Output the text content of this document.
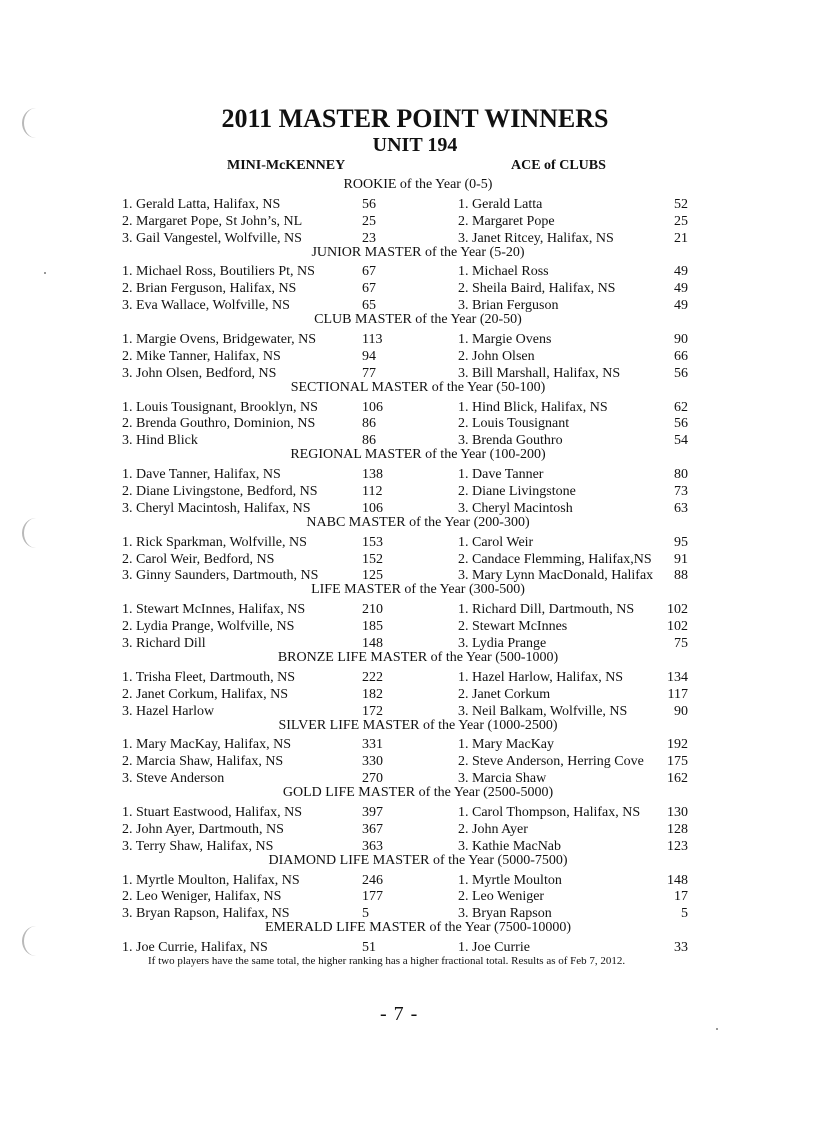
2011 MASTER POINT WINNERS
UNIT 194
MINI-McKENNEY	ACE of CLUBS
ROOKIE of the Year (0-5)
1. Gerald Latta, Halifax, NS	56	1. Gerald Latta	52
2. Margaret Pope, St John’s, NL	25	2. Margaret Pope	25
3. Gail Vangestel, Wolfville, NS	23	3. Janet Ritcey, Halifax, NS	21
JUNIOR MASTER of the Year (5-20)
1. Michael Ross, Boutiliers Pt, NS	67	1. Michael Ross	49
2. Brian Ferguson, Halifax, NS	67	2. Sheila Baird, Halifax, NS	49
3. Eva Wallace, Wolfville, NS	65	3. Brian Ferguson	49
CLUB MASTER of the Year (20-50)
1. Margie Ovens, Bridgewater, NS	113	1. Margie Ovens	90
2. Mike Tanner, Halifax, NS	94	2. John Olsen	66
3. John Olsen, Bedford, NS	77	3. Bill Marshall, Halifax, NS	56
SECTIONAL MASTER of the Year (50-100)
1. Louis Tousignant, Brooklyn, NS	106	1. Hind Blick, Halifax, NS	62
2. Brenda Gouthro, Dominion, NS	86	2. Louis Tousignant	56
3. Hind Blick	86	3. Brenda Gouthro	54
REGIONAL MASTER of the Year (100-200)
1. Dave Tanner, Halifax, NS	138	1. Dave Tanner	80
2. Diane Livingstone, Bedford, NS	112	2. Diane Livingstone	73
3. Cheryl Macintosh, Halifax, NS	106	3. Cheryl Macintosh	63
NABC MASTER of the Year (200-300)
1. Rick Sparkman, Wolfville, NS	153	1. Carol Weir	95
2. Carol Weir, Bedford, NS	152	2. Candace Flemming, Halifax,NS	91
3. Ginny Saunders, Dartmouth, NS	125	3. Mary Lynn MacDonald, Halifax	88
LIFE MASTER of the Year (300-500)
1. Stewart McInnes, Halifax, NS	210	1. Richard Dill, Dartmouth, NS 102
2. Lydia Prange, Wolfville, NS	185	2. Stewart McInnes	102
3. Richard Dill	148	3. Lydia Prange	75
BRONZE LIFE MASTER of the Year (500-1000)
1. Trisha Fleet, Dartmouth, NS	222	1. Hazel Harlow, Halifax, NS	134
2. Janet Corkum, Halifax, NS	182	2. Janet Corkum	117
3. Hazel Harlow	172	3. Neil Balkam, Wolfville, NS	90
SILVER LIFE MASTER of the Year (1000-2500)
1. Mary MacKay, Halifax, NS	331	1. Mary MacKay	192
2. Marcia Shaw, Halifax, NS	330	2. Steve Anderson, Herring Cove 175
3. Steve Anderson	270	3. Marcia Shaw	162
GOLD LIFE MASTER of the Year (2500-5000)
1. Stuart Eastwood, Halifax, NS	397	1. Carol Thompson, Halifax, NS 130
2. John Ayer, Dartmouth, NS	367	2. John Ayer	128
3. Terry Shaw, Halifax, NS	363	3. Kathie MacNab	123
DIAMOND LIFE MASTER of the Year (5000-7500)
1. Myrtle Moulton, Halifax, NS	246	1. Myrtle Moulton	148
2. Leo Weniger, Halifax, NS	177	2. Leo Weniger	17
3. Bryan Rapson, Halifax, NS	5	3. Bryan Rapson	5
EMERALD LIFE MASTER of the Year (7500-10000)
1. Joe Currie, Halifax, NS	51	1. Joe Currie	33
If two players have the same total, the higher ranking has a higher fractional total. Results as of Feb 7, 2012.
- 7 -
